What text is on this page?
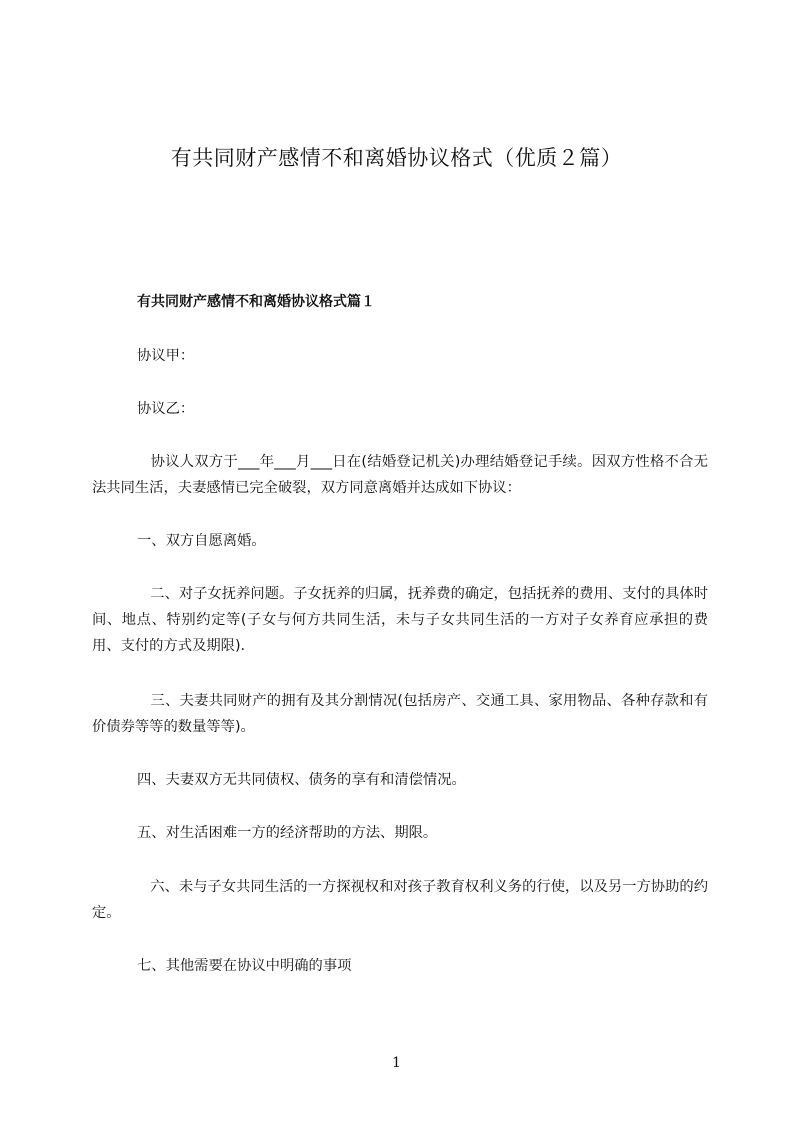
有共同财产感情不和离婚协议格式（优质２篇）
有共同财产感情不和离婚协议格式篇１
协议甲：
协议乙：
　协议人双方于___年___月___日在(结婚登记机关)办理结婚登记手续。因双方性格不合无法共同生活，夫妻感情已完全破裂，双方同意离婚并达成如下协议：
一、双方自愿离婚。
　二、对子女抚养问题。子女抚养的归属，抚养费的确定，包括抚养的费用、支付的具体时间、地点、特别约定等(子女与何方共同生活，未与子女共同生活的一方对子女养育应承担的费用、支付的方式及期限).
　三、夫妻共同财产的拥有及其分割情况(包括房产、交通工具、家用物品、各种存款和有价债券等等的数量等等)。
四、夫妻双方无共同债权、债务的享有和清偿情况。
五、对生活困难一方的经济帮助的方法、期限。
　六、未与子女共同生活的一方探视权和对孩子教育权利义务的行使，以及另一方协助的约定。
七、其他需要在协议中明确的事项
1
